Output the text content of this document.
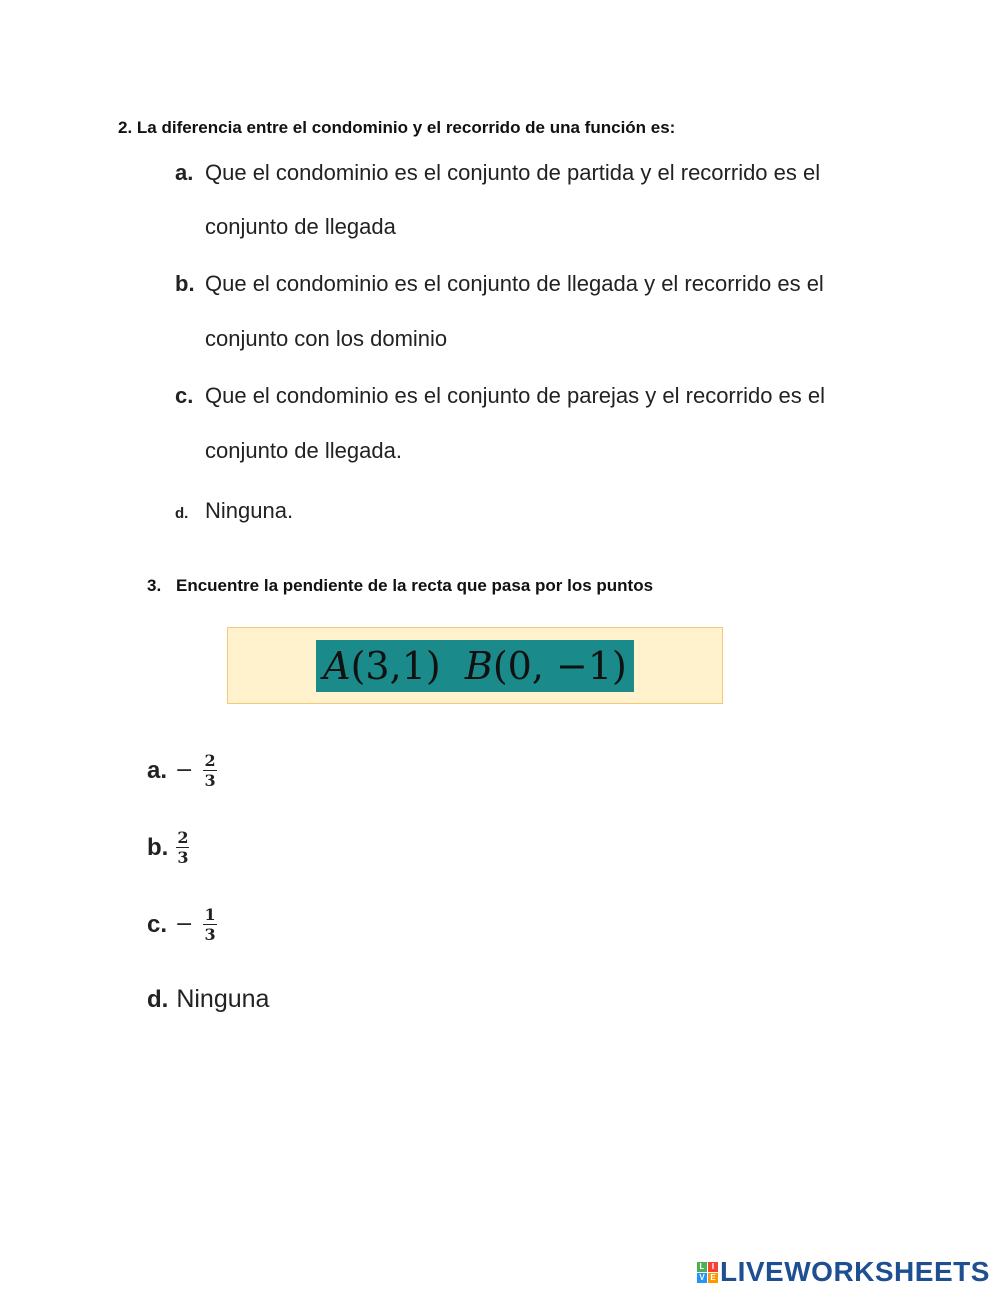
2. La diferencia entre el condominio y el recorrido de una función es:
a. Que el condominio es el conjunto de partida y el recorrido es el
conjunto de llegada
b. Que el condominio es el conjunto de llegada y el recorrido es el
conjunto con los dominio
c. Que el condominio es el conjunto de parejas y el recorrido es el
conjunto de llegada.
d. Ninguna.
3. Encuentre la pendiente de la recta que pasa por los puntos
A(3,1) B(0, −1)
a. − $\frac{2}{3}$
b. $\frac{2}{3}$
c. − $\frac{1}{3}$
d. Ninguna
L I
V E LIVEWORKSHEETS
